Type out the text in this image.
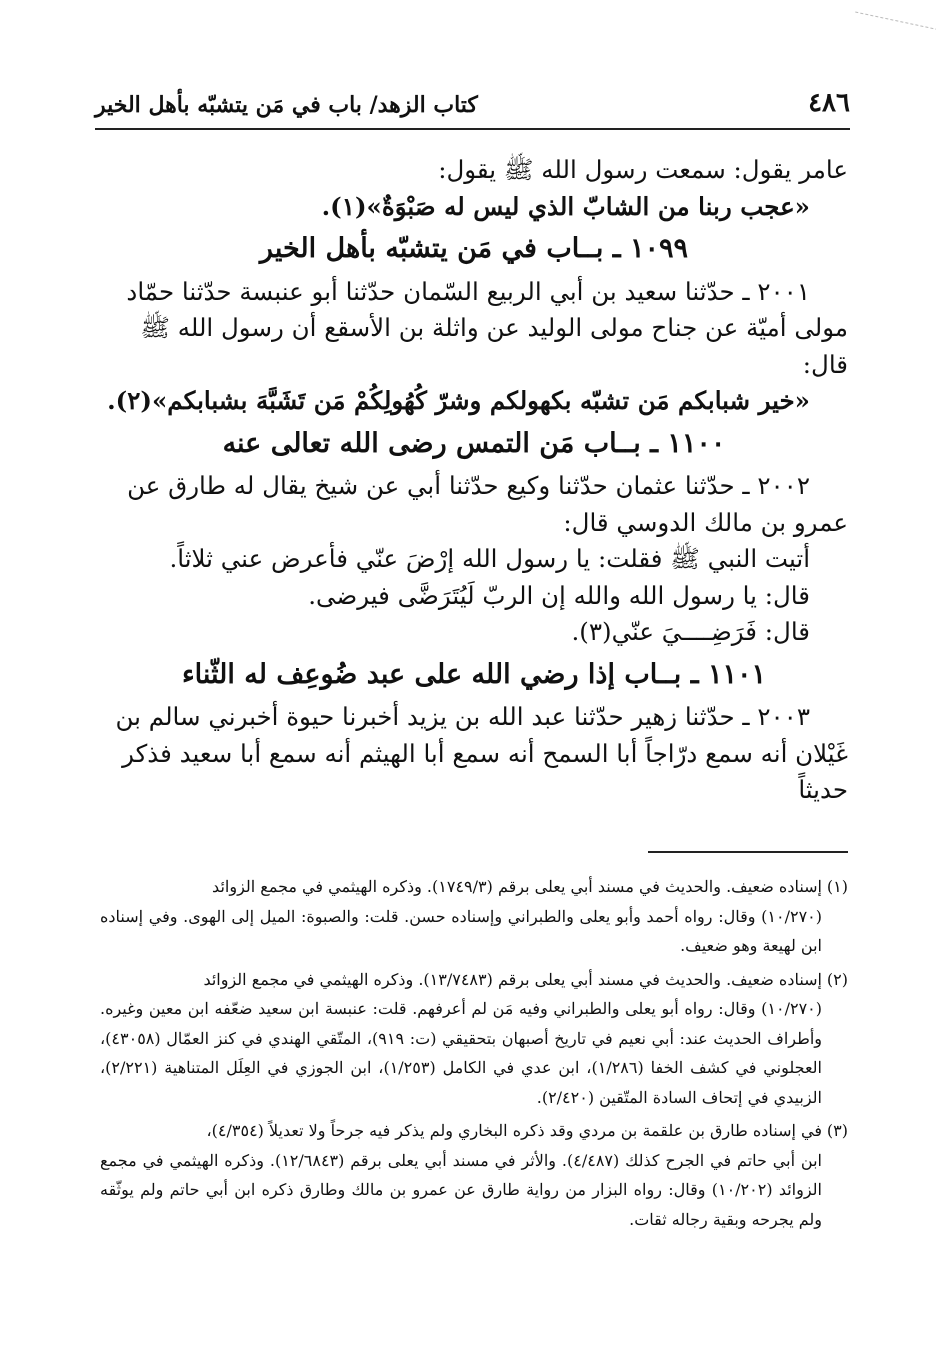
٤٨٦
كتاب الزهد/ باب في مَن يتشبّه بأهل الخير

عامر يقول: سمعت رسول الله ﷺ يقول:

«عجب ربنا من الشابّ الذي ليس له صَبْوَةٌ»(١).

١٠٩٩ ـ بــاب في مَن يتشبّه بأهل الخير

٢٠٠١ ـ حدّثنا سعيد بن أبي الربيع السّمان حدّثنا أبو عنبسة حدّثنا حمّاد

مولى أميّة عن جناح مولى الوليد عن واثلة بن الأسقع أن رسول الله ﷺ قال:

«خير شبابكم مَن تشبّه بكهولكم وشرّ كُهُولِكُمْ مَن تَشَبَّهَ بشبابكم»(٢).

١١٠٠ ـ بــاب مَن التمس رضى الله تعالى عنه

٢٠٠٢ ـ حدّثنا عثمان حدّثنا وكيع حدّثنا أبي عن شيخ يقال له طارق عن

عمرو بن مالك الدوسي قال:

أتيت النبي ﷺ فقلت: يا رسول الله إرْضَ عنّي فأعرض عني ثلاثاً.

قال: يا رسول الله والله إن الربّ لَيُتَرَضَّى فيرضى.

قال: فَرَضِــــيَ عنّي(٣).

١١٠١ ـ بــاب إذا رضي الله على عبد ضُوعِف له الثّناء

٢٠٠٣ ـ حدّثنا زهير حدّثنا عبد الله بن يزيد أخبرنا حيوة أخبرني سالم بن

غَيْلان أنه سمع درّاجاً أبا السمح أنه سمع أبا الهيثم أنه سمع أبا سعيد فذكر حديثاً

(١)إسناده ضعيف. والحديث في مسند أبي يعلى برقم (١٧٤٩/٣). وذكره الهيثمي في مجمع الزوائد
(١٠/٢٧٠) وقال: رواه أحمد وأبو يعلى والطبراني وإسناده حسن. قلت: والصبوة: الميل إلى الهوى. وفي إسناده ابن لهيعة وهو ضعيف.
(٢)إسناده ضعيف. والحديث في مسند أبي يعلى برقم (١٣/٧٤٨٣). وذكره الهيثمي في مجمع الزوائد
(١٠/٢٧٠) وقال: رواه أبو يعلى والطبراني وفيه مَن لم أعرفهم. قلت: عنبسة ابن سعيد ضعّفه ابن معين وغيره. وأطراف الحديث عند: أبي نعيم في تاريخ أصبهان بتحقيقي (ت: ٩١٩)، المتّقي الهندي في كنز العمّال (٤٣٠٥٨)، العجلوني في كشف الخفا (١/٢٨٦)، ابن عدي في الكامل (١/٢٥٣)، ابن الجوزي في العِلَل المتناهية (٢/٢٢١)، الزبيدي في إتحاف السادة المتّقين (٢/٤٢٠).
(٣)في إسناده طارق بن علقمة بن مردي وقد ذكره البخاري ولم يذكر فيه جرحاً ولا تعديلاً (٤/٣٥٤)،
ابن أبي حاتم في الجرح كذلك (٤/٤٨٧). والأثر في مسند أبي يعلى برقم (١٢/٦٨٤٣). وذكره الهيثمي في مجمع الزوائد (١٠/٢٠٢) وقال: رواه البزار من رواية طارق عن عمرو بن مالك وطارق ذكره ابن أبي حاتم ولم يوثّقه ولم يجرحه وبقية رجاله ثقات.
